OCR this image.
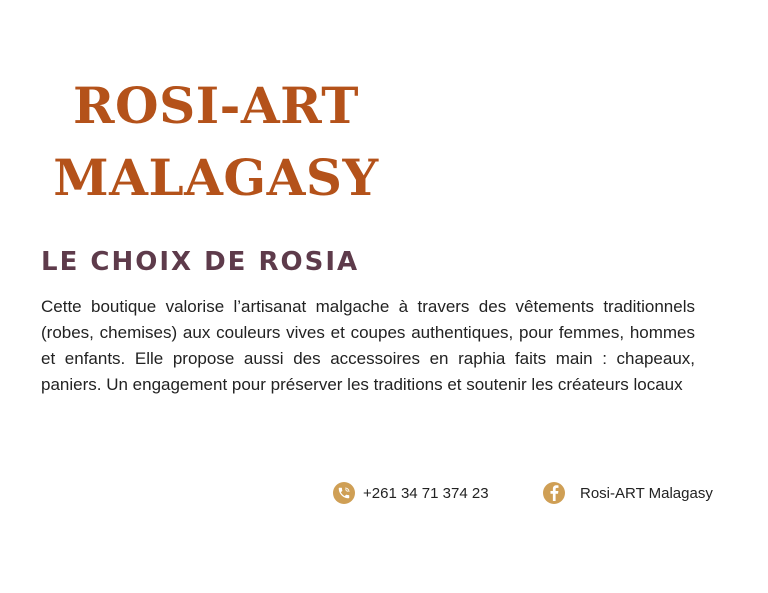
ROSI-ART
MALAGASY
LE CHOIX DE ROSIA

Cette boutique valorise l’artisanat malgache à travers des vêtements traditionnels (robes, chemises) aux couleurs vives et coupes authentiques, pour femmes, hommes et enfants. Elle propose aussi des accessoires en raphia faits main : chapeaux, paniers. Un engagement pour préserver les traditions et soutenir les créateurs locaux

+261 34 71 374 23	Rosi-ART Malagasy
